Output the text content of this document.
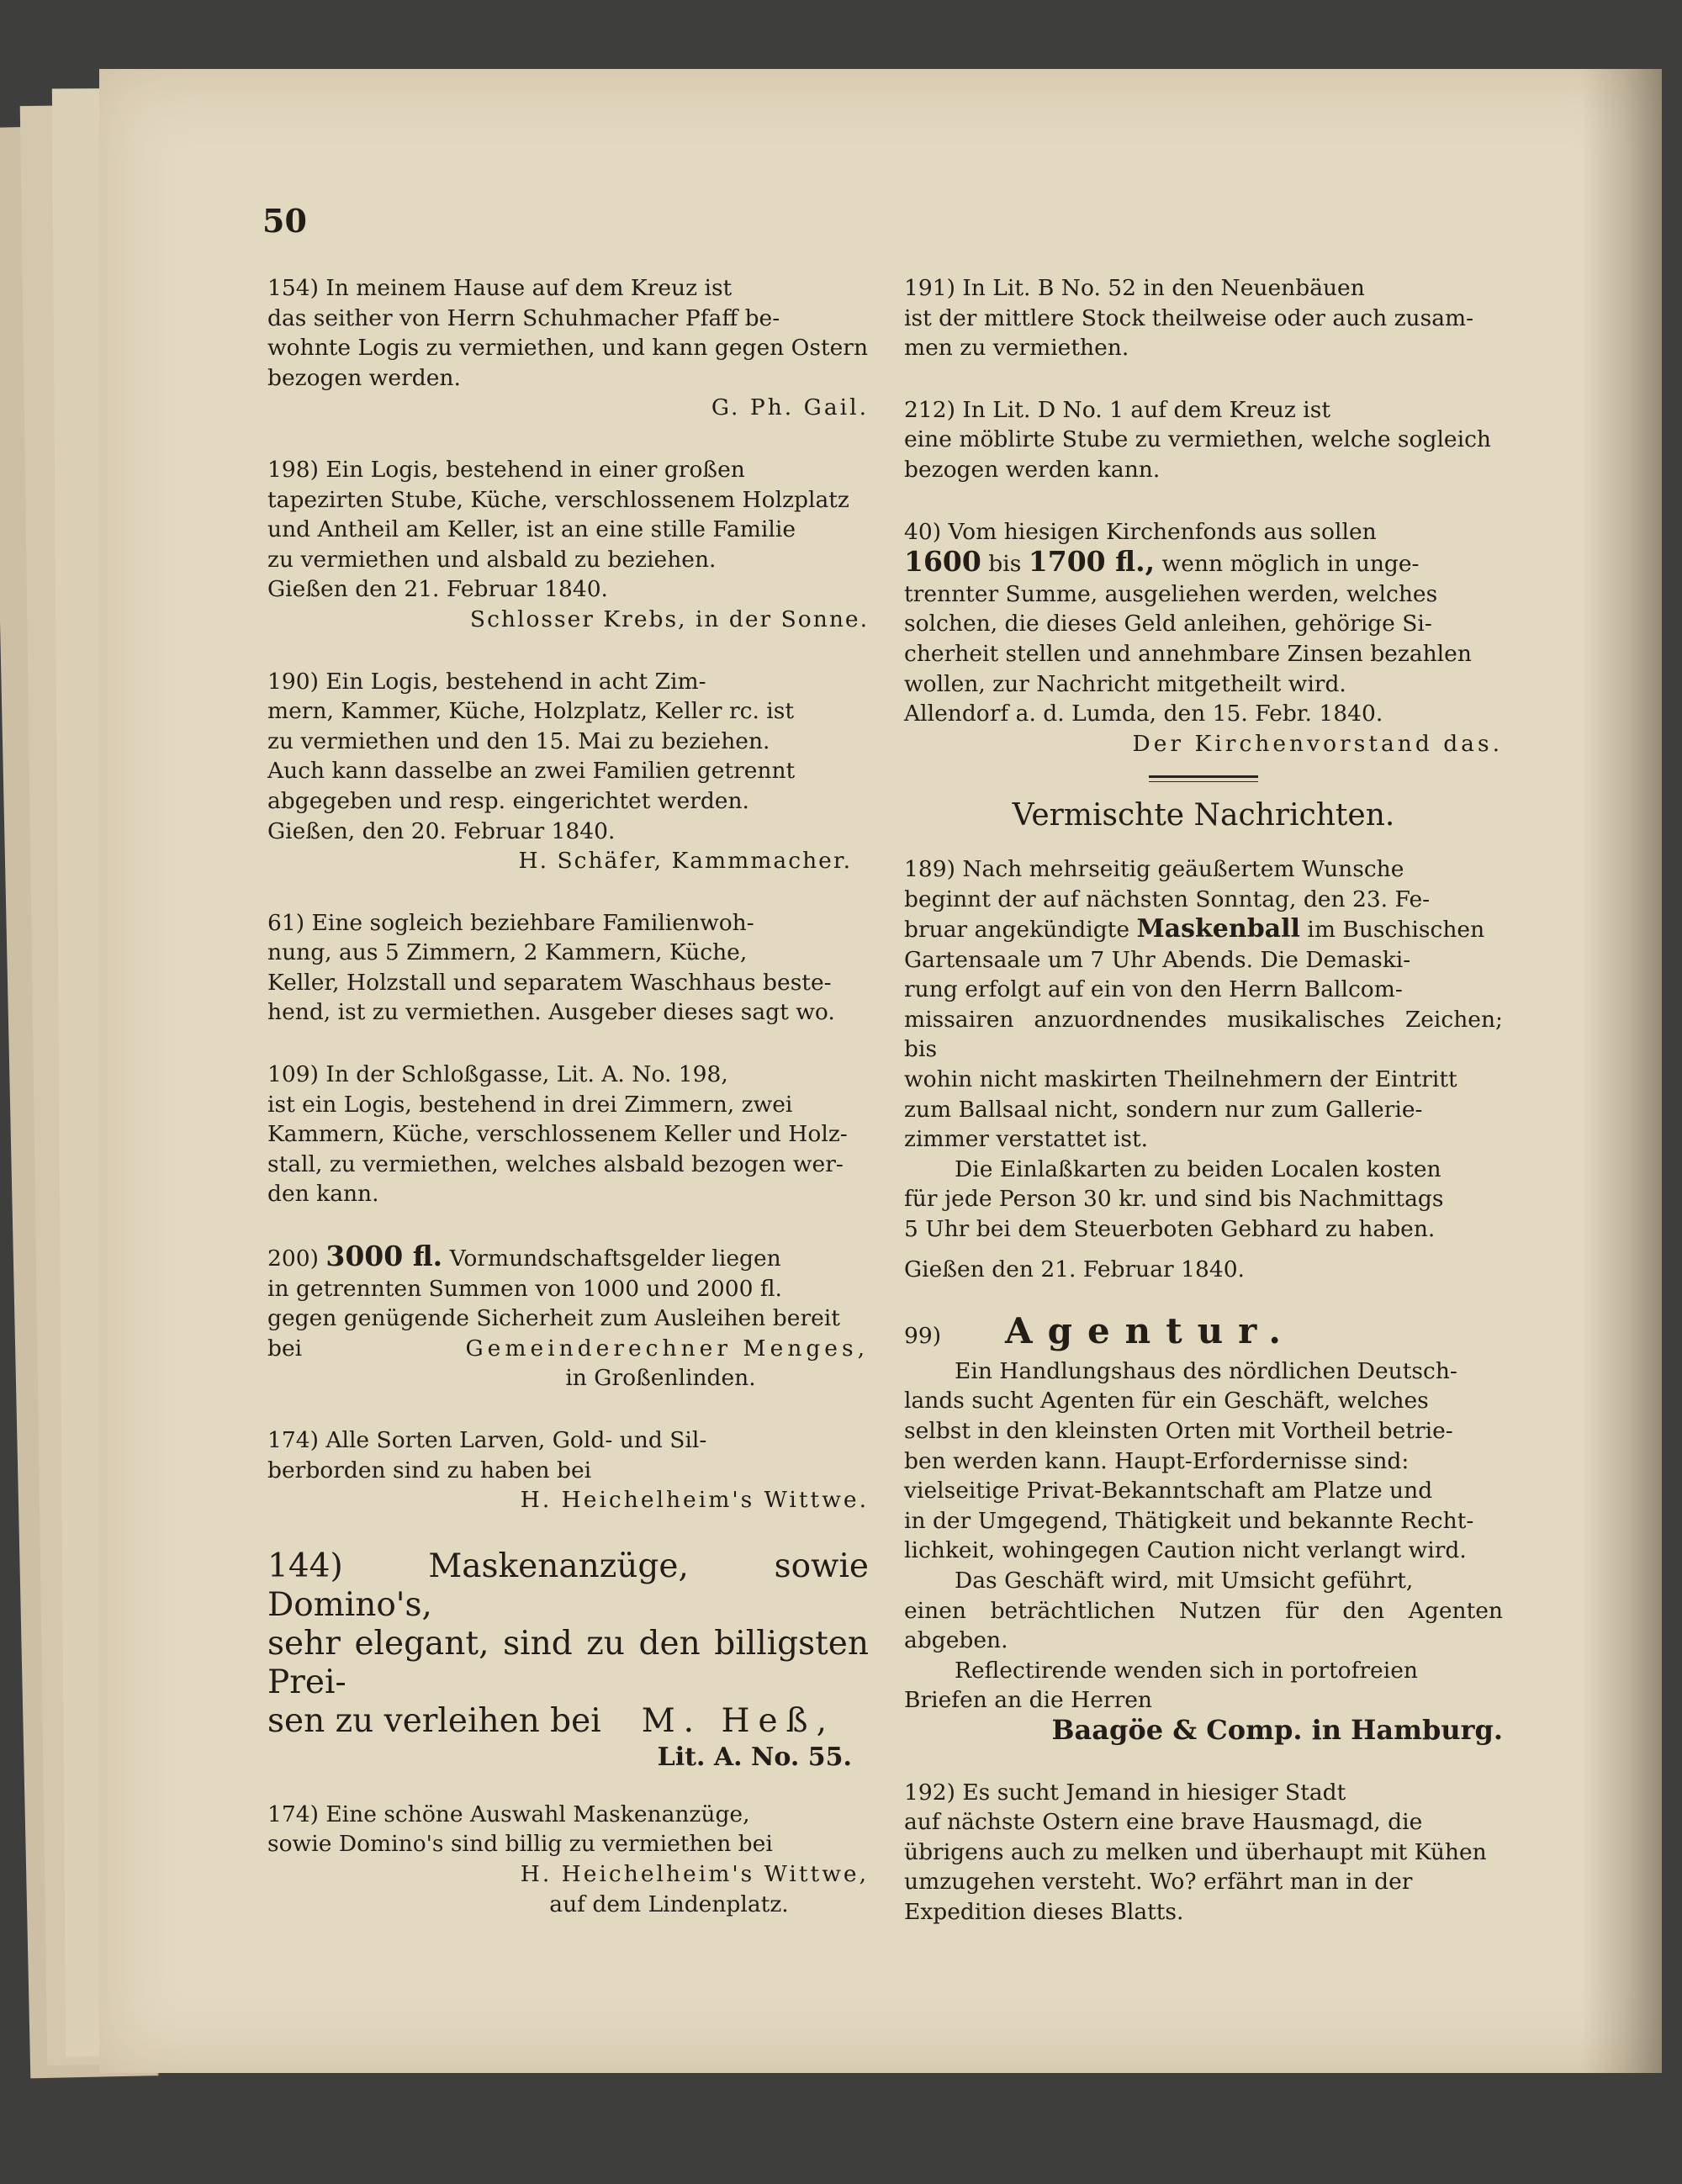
50

154) In meinem Hause auf dem Kreuz ist

das seither von Herrn Schuhmacher Pfaff be-

wohnte Logis zu vermiethen, und kann gegen Ostern

bezogen werden.

G. Ph. Gail.

198) Ein Logis, bestehend in einer großen

tapezirten Stube, Küche, verschlossenem Holzplatz

und Antheil am Keller, ist an eine stille Familie

zu vermiethen und alsbald zu beziehen.

Gießen den 21. Februar 1840.

Schlosser Krebs, in der Sonne.

190) Ein Logis, bestehend in acht Zim-

mern, Kammer, Küche, Holzplatz, Keller rc. ist

zu vermiethen und den 15. Mai zu beziehen.

Auch kann dasselbe an zwei Familien getrennt

abgegeben und resp. eingerichtet werden.

Gießen, den 20. Februar 1840.

H. Schäfer, Kammmacher.

61) Eine sogleich beziehbare Familienwoh-

nung, aus 5 Zimmern, 2 Kammern, Küche,

Keller, Holzstall und separatem Waschhaus beste-

hend, ist zu vermiethen. Ausgeber dieses sagt wo.

109) In der Schloßgasse, Lit. A. No. 198,

ist ein Logis, bestehend in drei Zimmern, zwei

Kammern, Küche, verschlossenem Keller und Holz-

stall, zu vermiethen, welches alsbald bezogen wer-

den kann.

200) 3000 fl. Vormundschaftsgelder liegen

in getrennten Summen von 1000 und 2000 fl.

gegen genügende Sicherheit zum Ausleihen bereit

bei	Gemeinderechner Menges,

in Großenlinden.

174) Alle Sorten Larven, Gold- und Sil-

berborden sind zu haben bei

H. Heichelheim's Wittwe.

144) Maskenanzüge, sowie Domino's,

sehr elegant, sind zu den billigsten Prei-

sen zu verleihen bei M. Heß,

Lit. A. No. 55.

174) Eine schöne Auswahl Maskenanzüge,

sowie Domino's sind billig zu vermiethen bei

H. Heichelheim's Wittwe,

auf dem Lindenplatz.

191) In Lit. B No. 52 in den Neuenbäuen

ist der mittlere Stock theilweise oder auch zusam-

men zu vermiethen.

212) In Lit. D No. 1 auf dem Kreuz ist

eine möblirte Stube zu vermiethen, welche sogleich

bezogen werden kann.

40) Vom hiesigen Kirchenfonds aus sollen

1600 bis 1700 fl., wenn möglich in unge-

trennter Summe, ausgeliehen werden, welches

solchen, die dieses Geld anleihen, gehörige Si-

cherheit stellen und annehmbare Zinsen bezahlen

wollen, zur Nachricht mitgetheilt wird.

Allendorf a. d. Lumda, den 15. Febr. 1840.

Der Kirchenvorstand das.

Vermischte Nachrichten.

189) Nach mehrseitig geäußertem Wunsche

beginnt der auf nächsten Sonntag, den 23. Fe-

bruar angekündigte Maskenball im Buschischen

Gartensaale um 7 Uhr Abends. Die Demaski-

rung erfolgt auf ein von den Herrn Ballcom-

missairen anzuordnendes musikalisches Zeichen; bis

wohin nicht maskirten Theilnehmern der Eintritt

zum Ballsaal nicht, sondern nur zum Gallerie-

zimmer verstattet ist.

Die Einlaßkarten zu beiden Localen kosten

für jede Person 30 kr. und sind bis Nachmittags

5 Uhr bei dem Steuerboten Gebhard zu haben.

Gießen den 21. Februar 1840.

99)	Agentur.

Ein Handlungshaus des nördlichen Deutsch-

lands sucht Agenten für ein Geschäft, welches

selbst in den kleinsten Orten mit Vortheil betrie-

ben werden kann. Haupt-Erfordernisse sind:

vielseitige Privat-Bekanntschaft am Platze und

in der Umgegend, Thätigkeit und bekannte Recht-

lichkeit, wohingegen Caution nicht verlangt wird.

Das Geschäft wird, mit Umsicht geführt,

einen beträchtlichen Nutzen für den Agenten abgeben.

Reflectirende wenden sich in portofreien

Briefen an die Herren

Baagöe & Comp. in Hamburg.

192) Es sucht Jemand in hiesiger Stadt

auf nächste Ostern eine brave Hausmagd, die

übrigens auch zu melken und überhaupt mit Kühen

umzugehen versteht. Wo? erfährt man in der

Expedition dieses Blatts.
